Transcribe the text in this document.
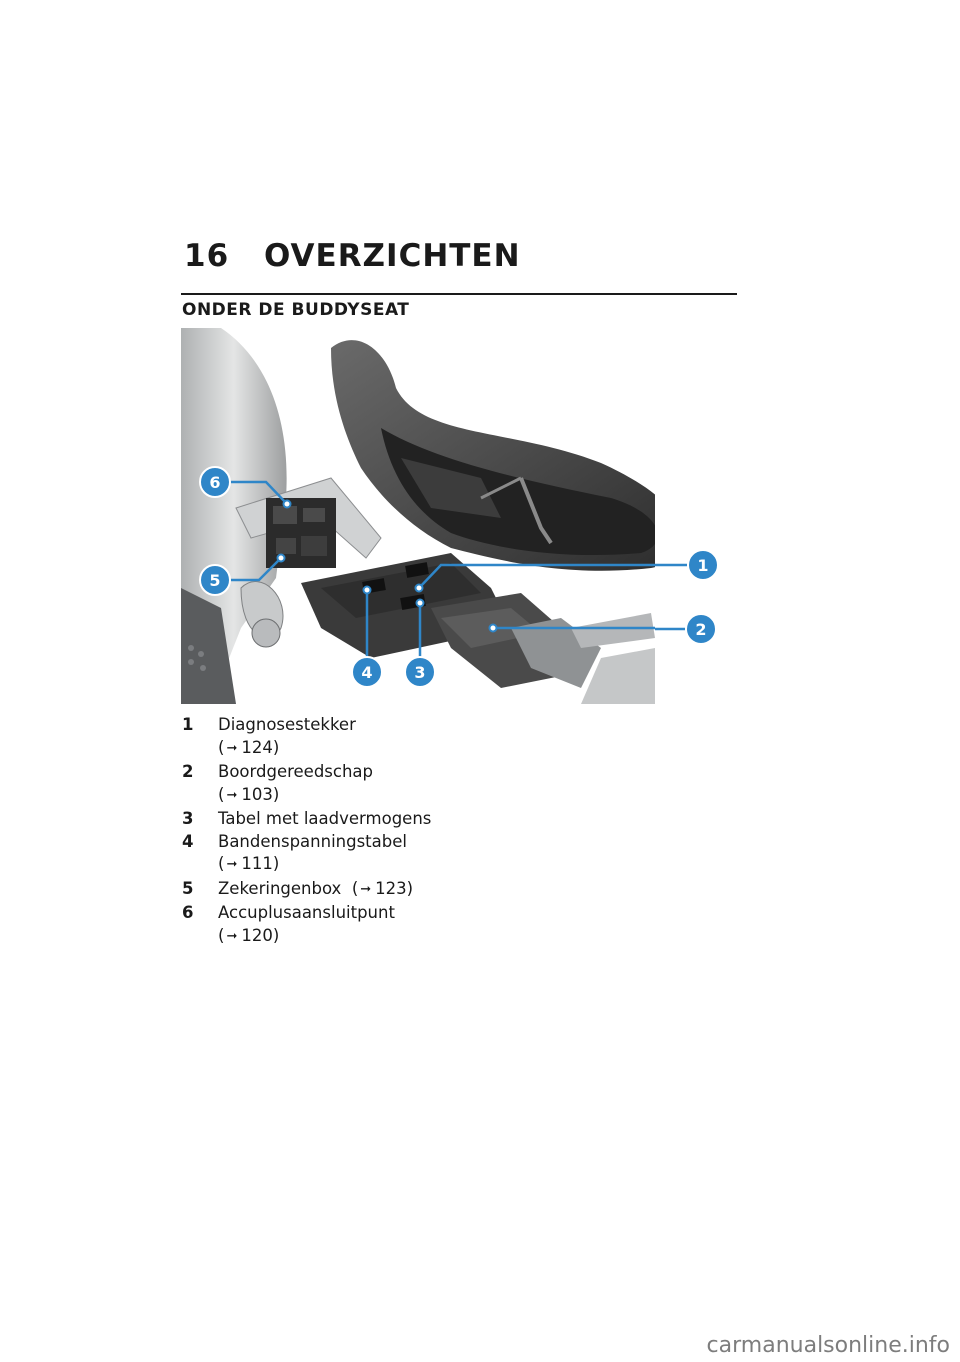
16	OVERZICHTEN
ONDER DE BUDDYSEAT
6
5
4	3
1
2
1	Diagnosestekker
( ➞ 124)
2	Boordgereedschap
( ➞ 103)
3	Tabel met laadvermogens
4	Bandenspanningstabel
( ➞ 111)
5	Zekeringenbox ( ➞ 123)
6	Accuplusaansluitpunt
( ➞ 120)
carmanualsonline.info
